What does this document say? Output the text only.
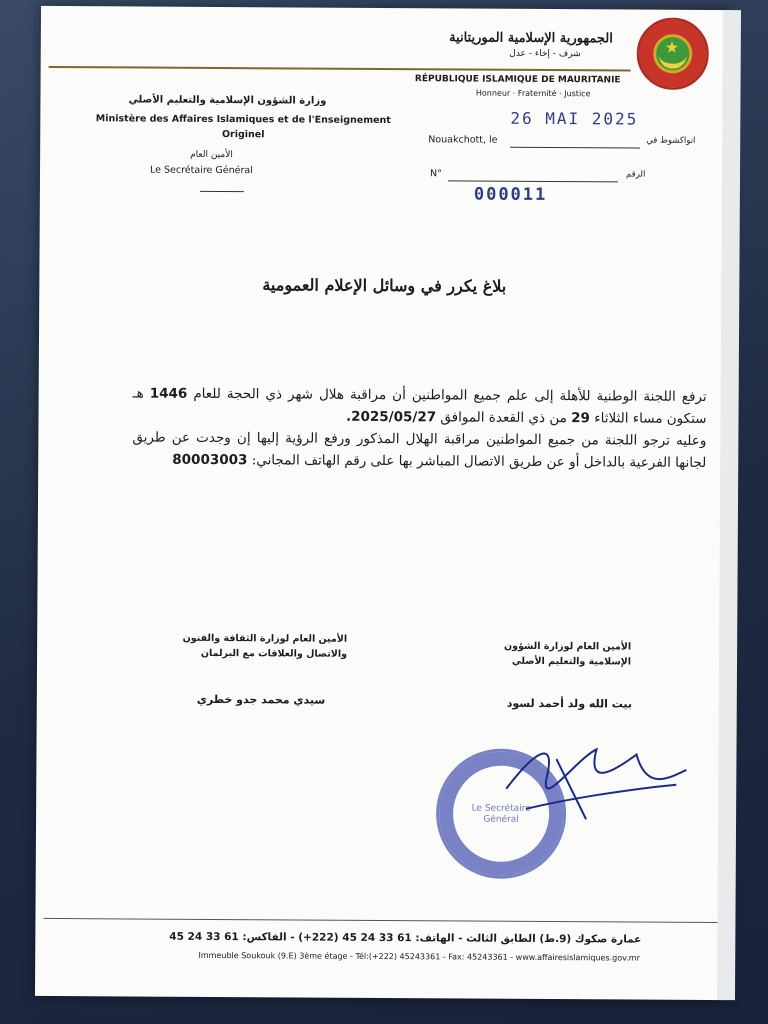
★
الجمهورية الإسلامية الموريتانية
شرف - إخاء - عدل
RÉPUBLIQUE ISLAMIQUE DE MAURITANIE
Honneur · Fraternité · Justice
وزارة الشؤون الإسلامية والتعليم الأصلي
Ministère des Affaires Islamiques et de l'Enseignement Originel
الأمين العام
Le Secrétaire Général
26 MAI 2025
Nouakchott, le	انواكشوط في
N°	الرقم
000011
بلاغ يكرر في وسائل الإعلام العمومية

ترفع اللجنة الوطنية للأهلة إلى علم جميع المواطنين أن مراقبة هلال شهر ذي الحجة للعام 1446 هـ ستكون مساء الثلاثاء 29 من ذي القعدة الموافق 2025/05/27.

وعليه ترجو اللجنة من جميع المواطنين مراقبة الهلال المذكور ورفع الرؤية إليها إن وجدت عن طريق لجانها الفرعية بالداخل أو عن طريق الاتصال المباشر بها على رقم الهاتف المجاني: 80003003

الأمين العام لوزارة الثقافة والفنون والاتصال والعلاقات مع البرلمان
الأمين العام لوزارة الشؤون الإسلامية والتعليم الأصلي
سيدي محمد جدو خطري	بيت الله ولد أحمد لسود
Le Secrétaire Général
عمارة صكوك (9.ط) الطابق الثالث - الهاتف: 61 33 24 45 (222+) - الفاكس: 61 33 24 45
Immeuble Soukouk (9.E) 3ème étage - Tél:(+222) 45243361 - Fax: 45243361 - www.affairesislamiques.gov.mr
